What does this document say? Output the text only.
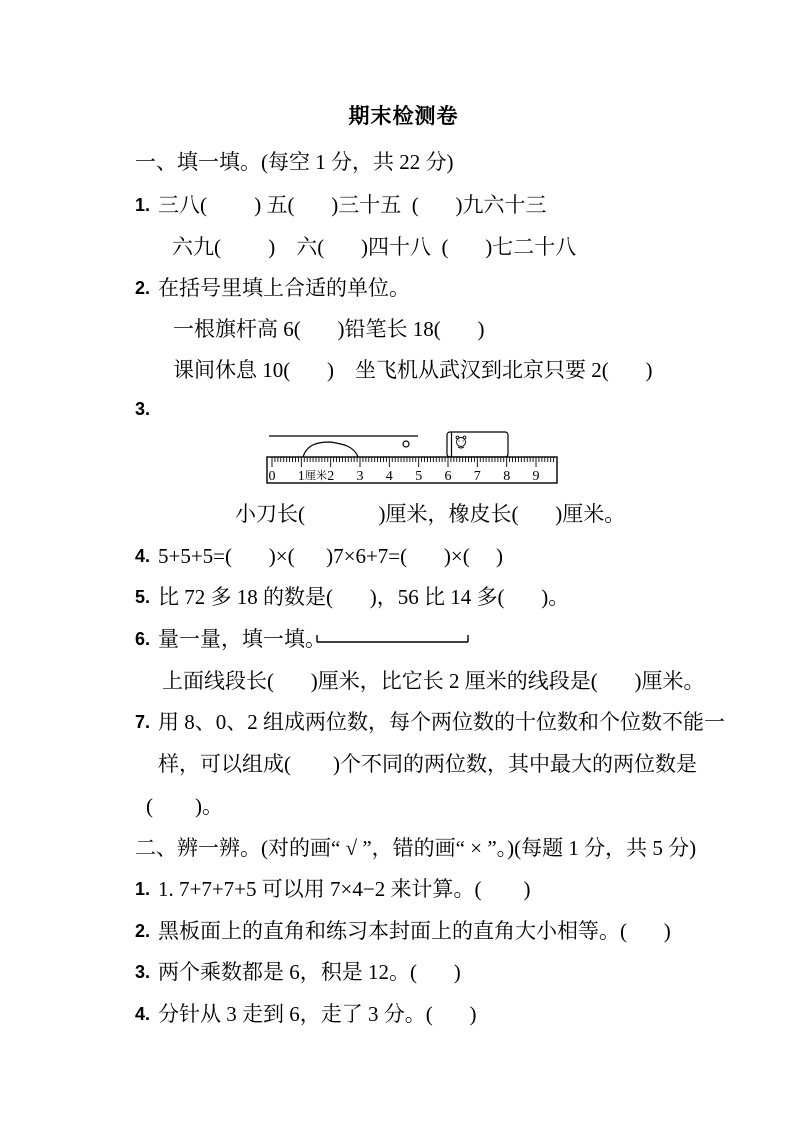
期末检测卷
一、填一填。(每空 1 分，共 22 分)
1. 三八(         ) 五(       )三十五  (       )九六十三
六九(         )    六(       )四十八  (       )七二十八
2. 在括号里填上合适的单位。
一根旗杆高 6(       )铅笔长 18(       )
课间休息 10(       )    坐飞机从武汉到北京只要 2(       )
3.
0 1 2 3 4 5 6 7 8 9
厘米
小刀长(              )厘米，橡皮长(       )厘米。
4. 5+5+5=(       )×(      )7×6+7=(       )×(     )
5. 比 72 多 18 的数是(       )，56 比 14 多(       )。
6. 量一量，填一填。
上面线段长(       )厘米，比它长 2 厘米的线段是(       )厘米。
7. 用 8、0、2 组成两位数，每个两位数的十位数和个位数不能一
样，可以组成(        )个不同的两位数，其中最大的两位数是
(        )。
二、辨一辨。(对的画“ √ ”，错的画“ × ”。)(每题 1 分，共 5 分)
1. 1. 7+7+7+5 可以用 7×4−2 来计算。(        )
2. 黑板面上的直角和练习本封面上的直角大小相等。(       )
3. 两个乘数都是 6，积是 12。(       )
4. 分针从 3 走到 6，走了 3 分。(       )
